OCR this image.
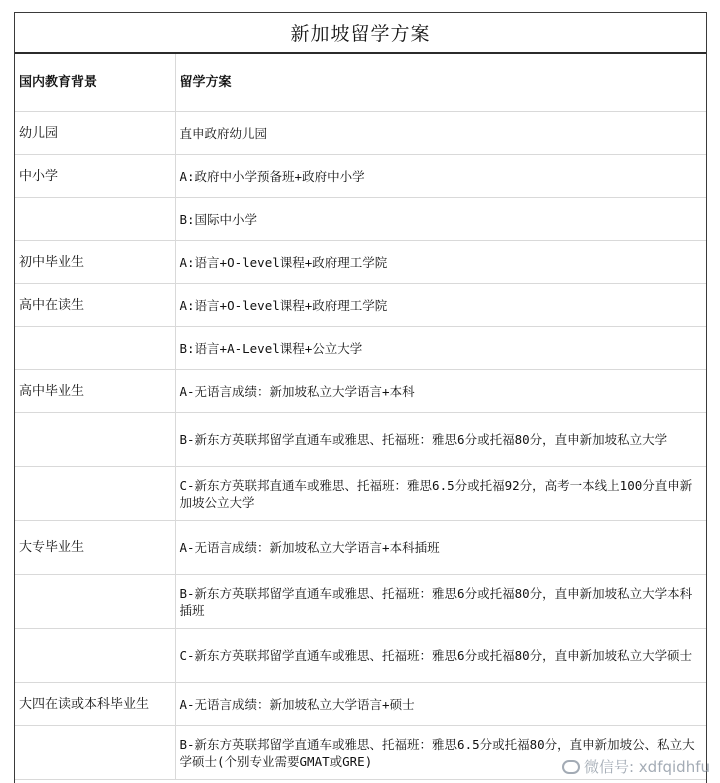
新加坡留学方案
国内教育背景	留学方案
幼儿园	直申政府幼儿园
中小学	A:政府中小学预备班+政府中小学
	B:国际中小学
初中毕业生	A:语言+O-level课程+政府理工学院
高中在读生	A:语言+O-level课程+政府理工学院
	B:语言+A-Level课程+公立大学
高中毕业生	A-无语言成绩：新加坡私立大学语言+本科
	B-新东方英联邦留学直通车或雅思、托福班：雅思6分或托福80分，直申新加坡私立大学
	C-新东方英联邦直通车或雅思、托福班：雅思6.5分或托福92分，高考一本线上100分直申新加坡公立大学
大专毕业生	A-无语言成绩：新加坡私立大学语言+本科插班
	B-新东方英联邦留学直通车或雅思、托福班：雅思6分或托福80分，直申新加坡私立大学本科插班
	C-新东方英联邦留学直通车或雅思、托福班：雅思6分或托福80分，直申新加坡私立大学硕士
大四在读或本科毕业生	A-无语言成绩：新加坡私立大学语言+硕士
	B-新东方英联邦留学直通车或雅思、托福班：雅思6.5分或托福80分，直申新加坡公、私立大学硕士(个别专业需要GMAT或GRE)	微信号: xdfqidhfu
